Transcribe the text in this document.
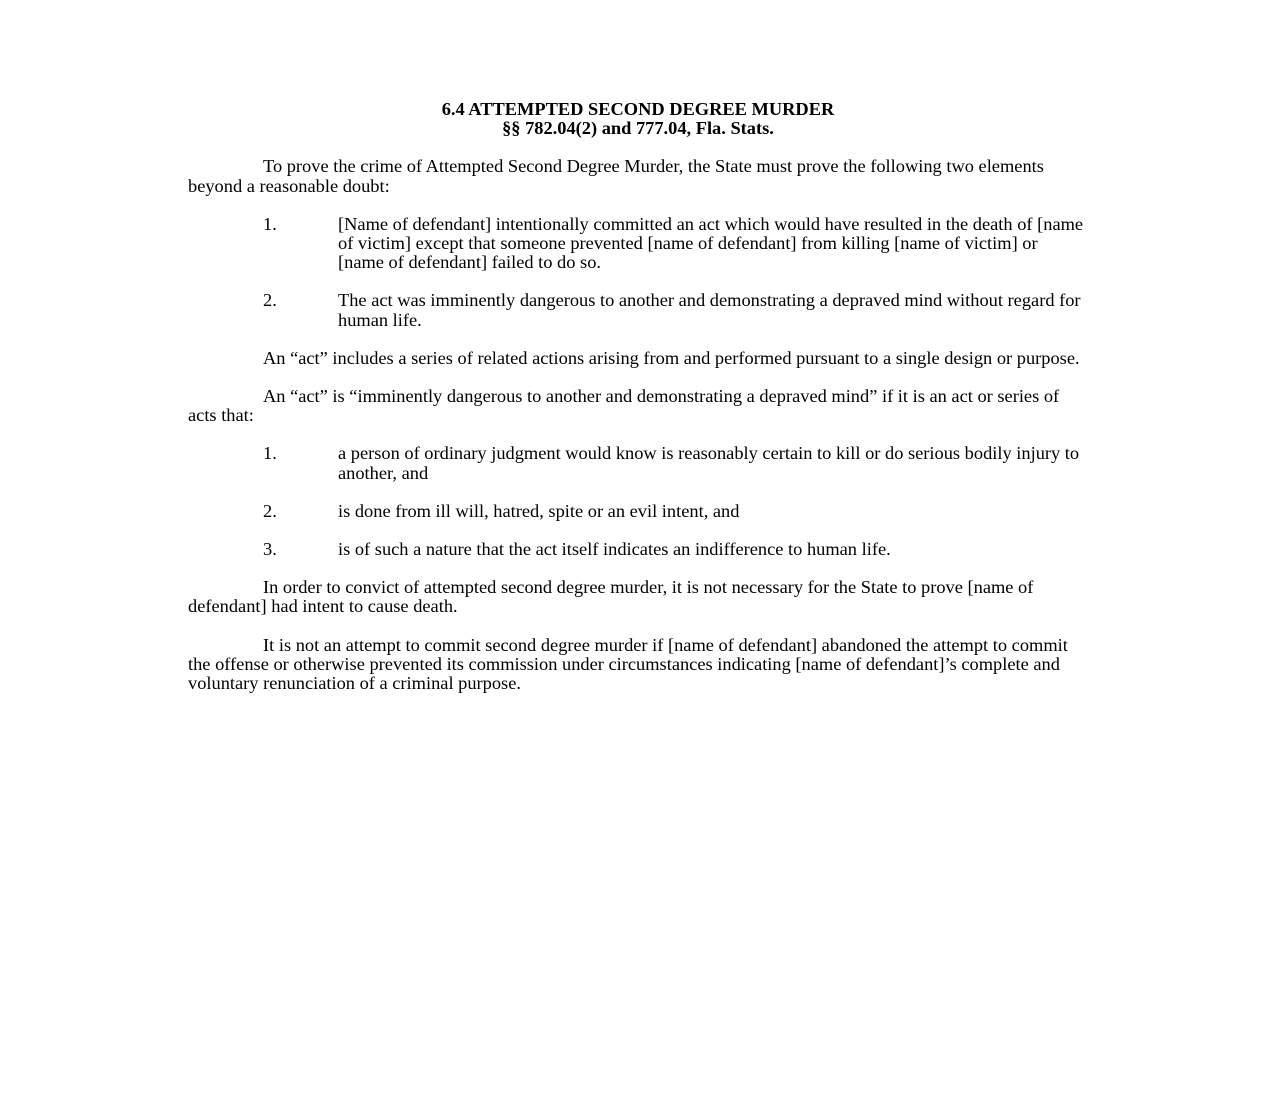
6.4 ATTEMPTED SECOND DEGREE MURDER
§§ 782.04(2) and 777.04, Fla. Stats.

To prove the crime of Attempted Second Degree Murder, the State must prove the following two elements beyond a reasonable doubt:

1.	[Name of defendant] intentionally committed an act which would have resulted in the death of [name of victim] except that someone prevented [name of defendant] from killing [name of victim] or [name of defendant] failed to do so.
2.	The act was imminently dangerous to another and demonstrating a depraved mind without regard for human life.

An “act” includes a series of related actions arising from and performed pursuant to a single design or purpose.

An “act” is “imminently dangerous to another and demonstrating a depraved mind” if it is an act or series of acts that:

1.	a person of ordinary judgment would know is reasonably certain to kill or do serious bodily injury to another, and
2.	is done from ill will, hatred, spite or an evil intent, and
3.	is of such a nature that the act itself indicates an indifference to human life.

In order to convict of attempted second degree murder, it is not necessary for the State to prove [name of defendant] had intent to cause death.

It is not an attempt to commit second degree murder if [name of defendant] abandoned the attempt to commit the offense or otherwise prevented its commission under circumstances indicating [name of defendant]’s complete and voluntary renunciation of a criminal purpose.
